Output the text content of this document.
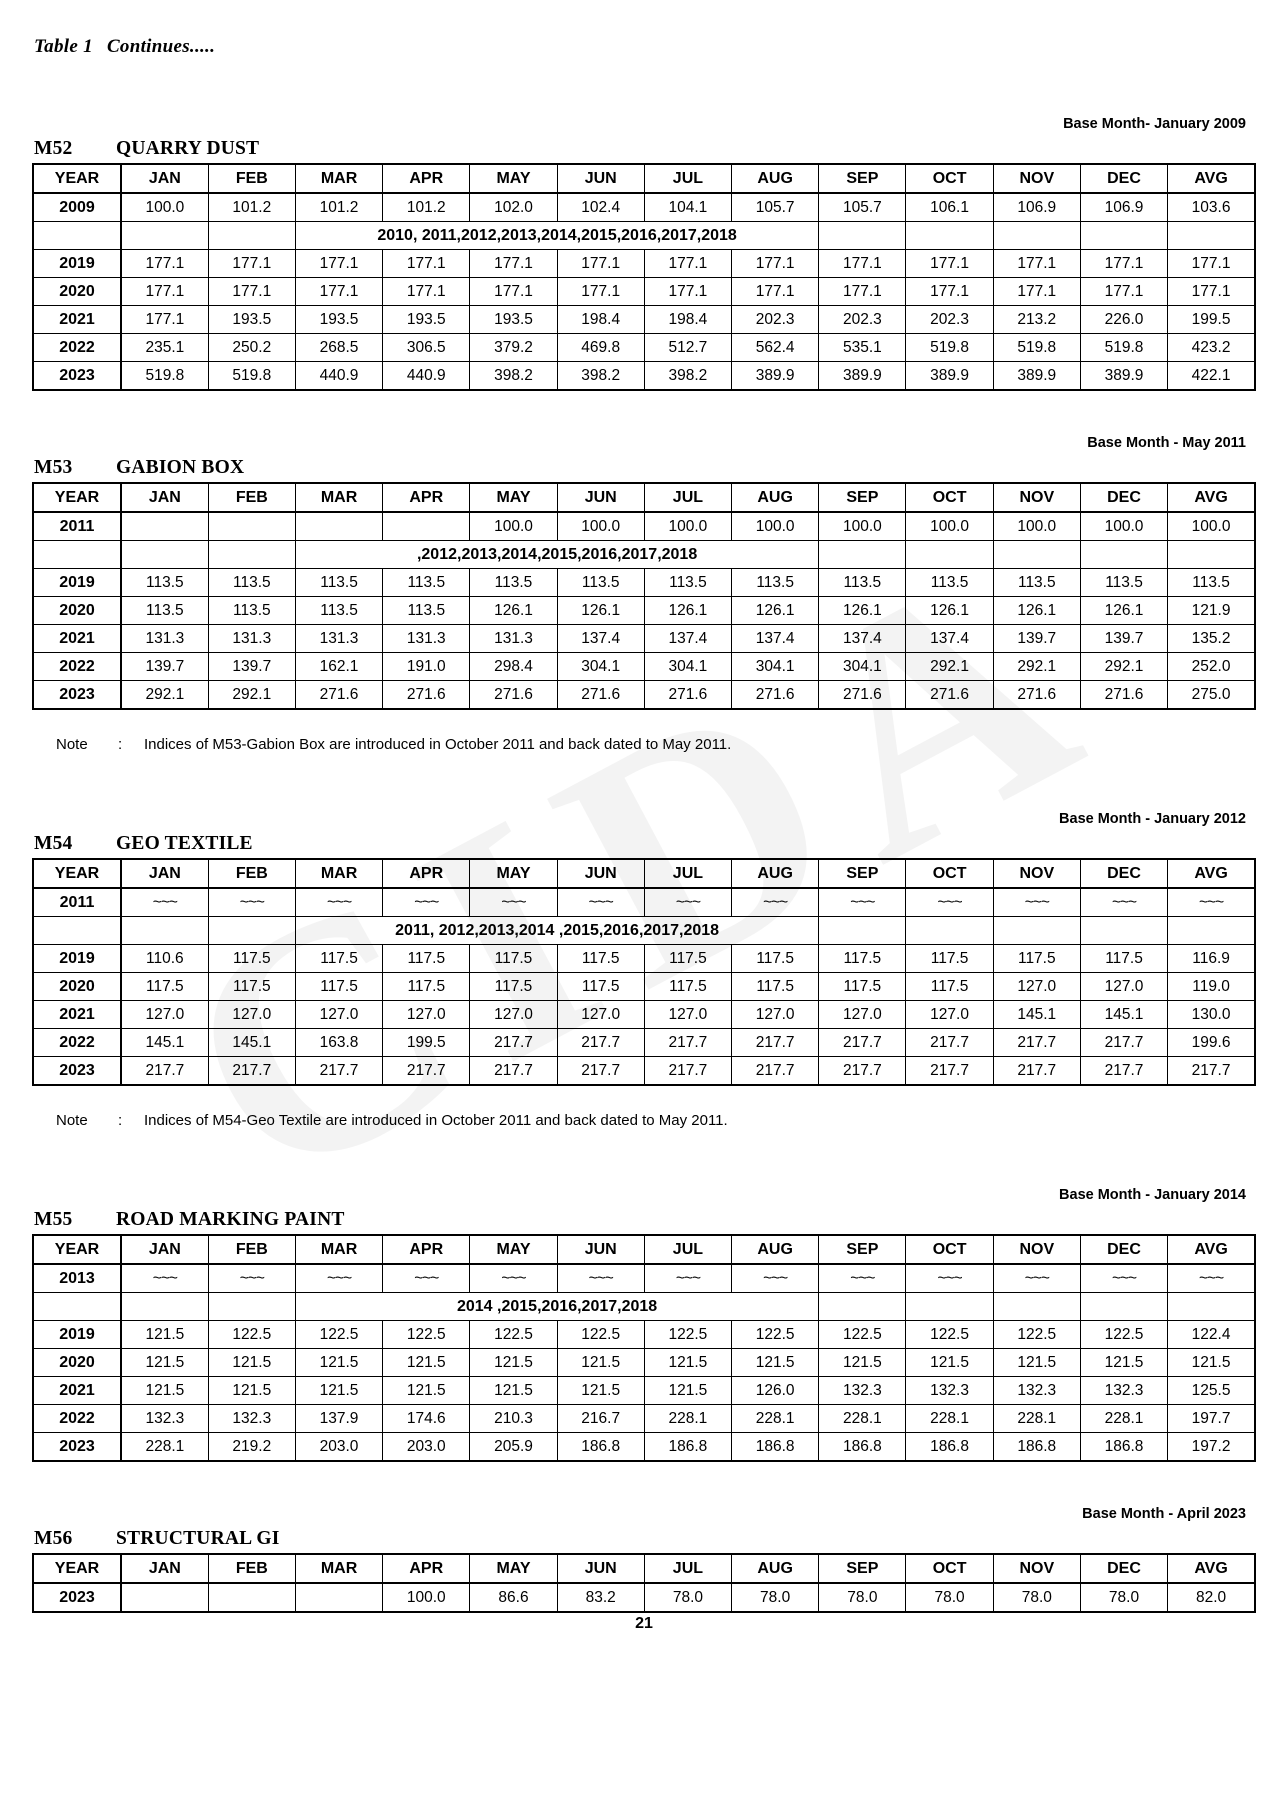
Table 1 Continues.....
Base Month- January 2009
M52 QUARRY DUST
YEAR	JAN	FEB	MAR	APR	MAY	JUN	JUL	AUG	SEP	OCT	NOV	DEC	AVG
2009	100.0	101.2	101.2	101.2	102.0	102.4	104.1	105.7	105.7	106.1	106.9	106.9	103.6
			2010, 2011,2012,2013,2014,2015,2016,2017,2018										
2019	177.1	177.1	177.1	177.1	177.1	177.1	177.1	177.1	177.1	177.1	177.1	177.1	177.1
2020	177.1	177.1	177.1	177.1	177.1	177.1	177.1	177.1	177.1	177.1	177.1	177.1	177.1
2021	177.1	193.5	193.5	193.5	193.5	198.4	198.4	202.3	202.3	202.3	213.2	226.0	199.5
2022	235.1	250.2	268.5	306.5	379.2	469.8	512.7	562.4	535.1	519.8	519.8	519.8	423.2
2023	519.8	519.8	440.9	440.9	398.2	398.2	398.2	389.9	389.9	389.9	389.9	389.9	422.1
Base Month - May 2011
M53 GABION BOX
YEAR	JAN	FEB	MAR	APR	MAY	JUN	JUL	AUG	SEP	OCT	NOV	DEC	AVG
2011					100.0	100.0	100.0	100.0	100.0	100.0	100.0	100.0	100.0
			,2012,2013,2014,2015,2016,2017,2018										
2019	113.5	113.5	113.5	113.5	113.5	113.5	113.5	113.5	113.5	113.5	113.5	113.5	113.5
2020	113.5	113.5	113.5	113.5	126.1	126.1	126.1	126.1	126.1	126.1	126.1	126.1	121.9
2021	131.3	131.3	131.3	131.3	131.3	137.4	137.4	137.4	137.4	137.4	139.7	139.7	135.2
2022	139.7	139.7	162.1	191.0	298.4	304.1	304.1	304.1	304.1	292.1	292.1	292.1	252.0
2023	292.1	292.1	271.6	271.6	271.6	271.6	271.6	271.6	271.6	271.6	271.6	271.6	275.0
Note : Indices of M53-Gabion Box are introduced in October 2011 and back dated to May 2011.
Base Month - January 2012
M54 GEO TEXTILE
YEAR	JAN	FEB	MAR	APR	MAY	JUN	JUL	AUG	SEP	OCT	NOV	DEC	AVG
2011	~~~	~~~	~~~	~~~	~~~	~~~	~~~	~~~	~~~	~~~	~~~	~~~	~~~
			2011, 2012,2013,2014 ,2015,2016,2017,2018										
2019	110.6	117.5	117.5	117.5	117.5	117.5	117.5	117.5	117.5	117.5	117.5	117.5	116.9
2020	117.5	117.5	117.5	117.5	117.5	117.5	117.5	117.5	117.5	117.5	127.0	127.0	119.0
2021	127.0	127.0	127.0	127.0	127.0	127.0	127.0	127.0	127.0	127.0	145.1	145.1	130.0
2022	145.1	145.1	163.8	199.5	217.7	217.7	217.7	217.7	217.7	217.7	217.7	217.7	199.6
2023	217.7	217.7	217.7	217.7	217.7	217.7	217.7	217.7	217.7	217.7	217.7	217.7	217.7
Note : Indices of M54-Geo Textile are introduced in October 2011 and back dated to May 2011.
Base Month - January 2014
M55 ROAD MARKING PAINT
YEAR	JAN	FEB	MAR	APR	MAY	JUN	JUL	AUG	SEP	OCT	NOV	DEC	AVG
2013	~~~	~~~	~~~	~~~	~~~	~~~	~~~	~~~	~~~	~~~	~~~	~~~	~~~
			2014 ,2015,2016,2017,2018										
2019	121.5	122.5	122.5	122.5	122.5	122.5	122.5	122.5	122.5	122.5	122.5	122.5	122.4
2020	121.5	121.5	121.5	121.5	121.5	121.5	121.5	121.5	121.5	121.5	121.5	121.5	121.5
2021	121.5	121.5	121.5	121.5	121.5	121.5	121.5	126.0	132.3	132.3	132.3	132.3	125.5
2022	132.3	132.3	137.9	174.6	210.3	216.7	228.1	228.1	228.1	228.1	228.1	228.1	197.7
2023	228.1	219.2	203.0	203.0	205.9	186.8	186.8	186.8	186.8	186.8	186.8	186.8	197.2
Base Month - April 2023
M56 STRUCTURAL GI
YEAR	JAN	FEB	MAR	APR	MAY	JUN	JUL	AUG	SEP	OCT	NOV	DEC	AVG
2023				100.0	86.6	83.2	78.0	78.0	78.0	78.0	78.0	78.0	82.0
21
